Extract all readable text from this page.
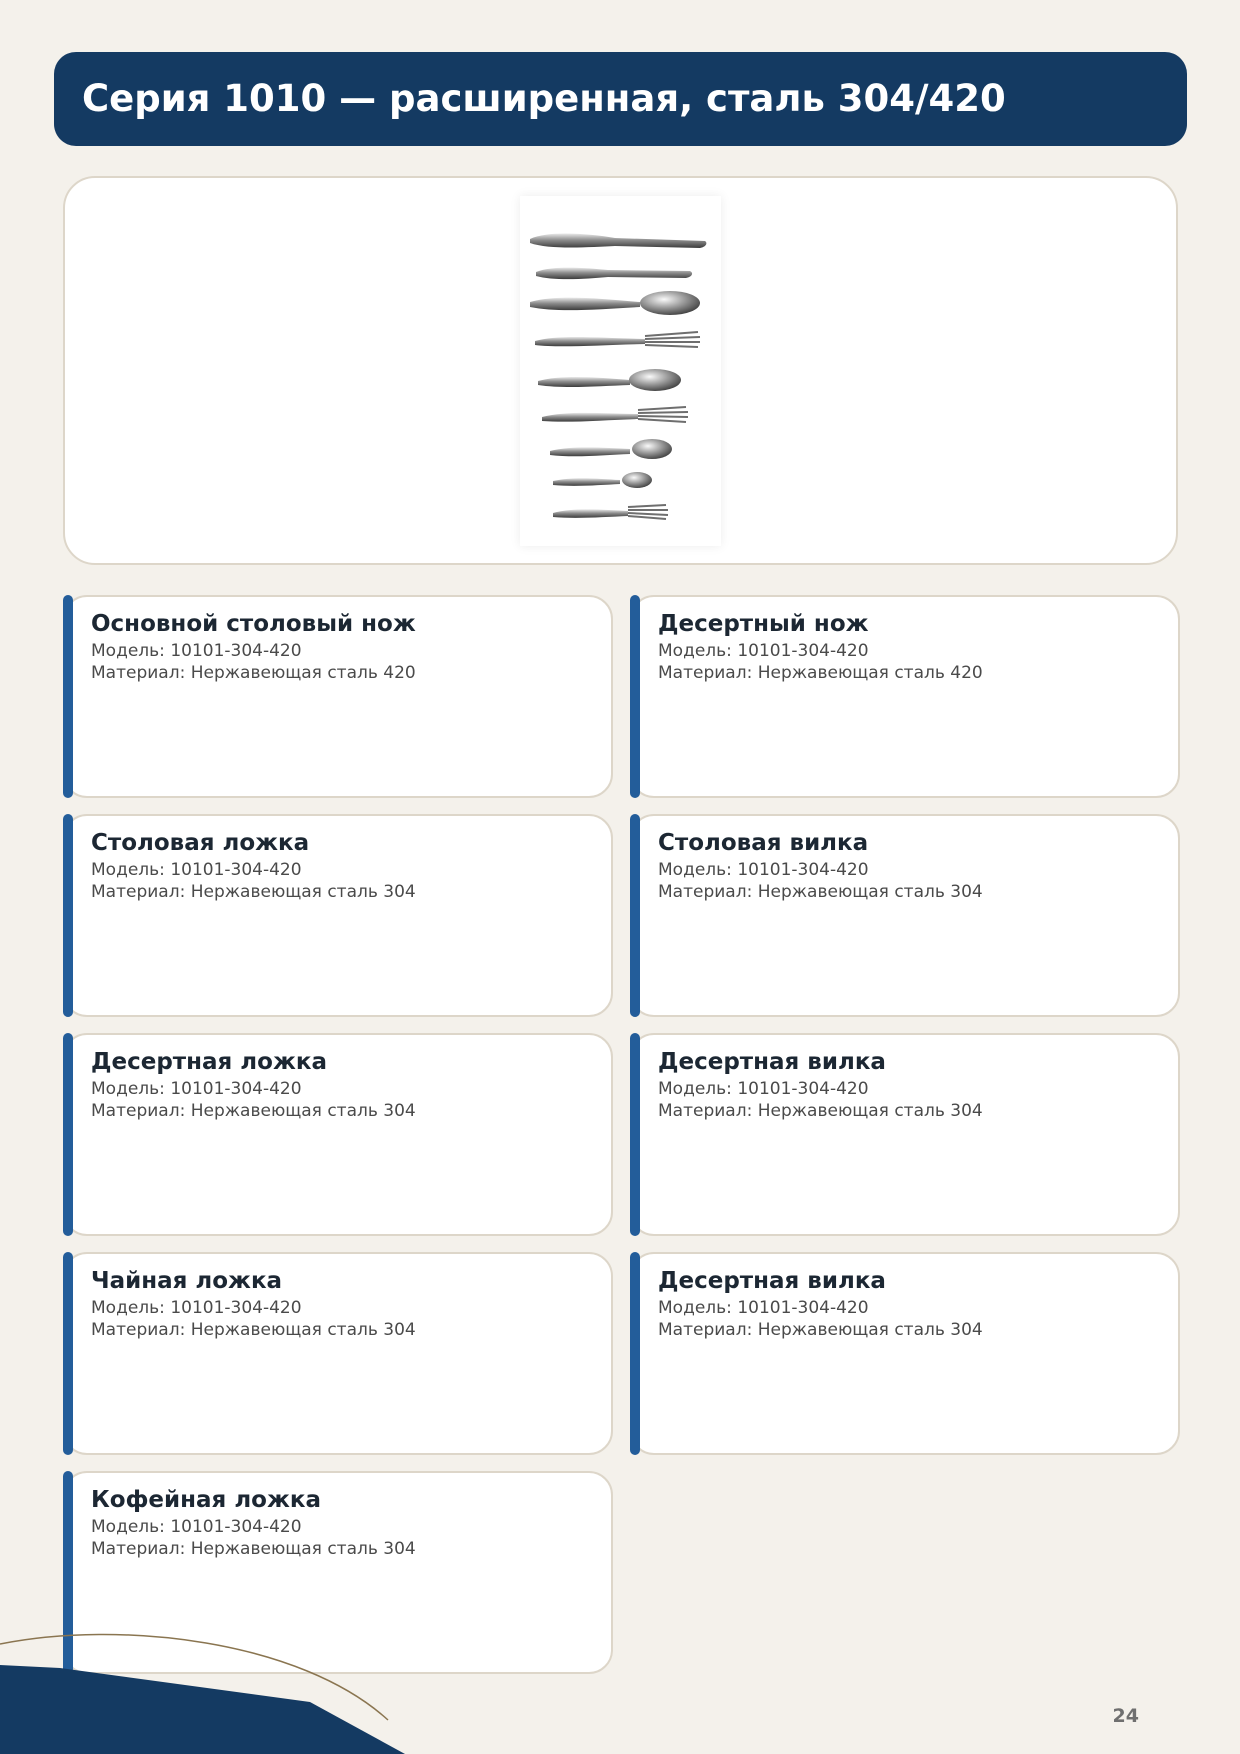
Серия 1010 — расширенная, сталь 304/420
Основной столовый нож
Модель: 10101-304-420
Материал: Нержавеющая сталь 420
Десертный нож
Модель: 10101-304-420
Материал: Нержавеющая сталь 420
Столовая ложка
Модель: 10101-304-420
Материал: Нержавеющая сталь 304
Столовая вилка
Модель: 10101-304-420
Материал: Нержавеющая сталь 304
Десертная ложка
Модель: 10101-304-420
Материал: Нержавеющая сталь 304
Десертная вилка
Модель: 10101-304-420
Материал: Нержавеющая сталь 304
Чайная ложка
Модель: 10101-304-420
Материал: Нержавеющая сталь 304
Десертная вилка
Модель: 10101-304-420
Материал: Нержавеющая сталь 304
Кофейная ложка
Модель: 10101-304-420
Материал: Нержавеющая сталь 304
24
